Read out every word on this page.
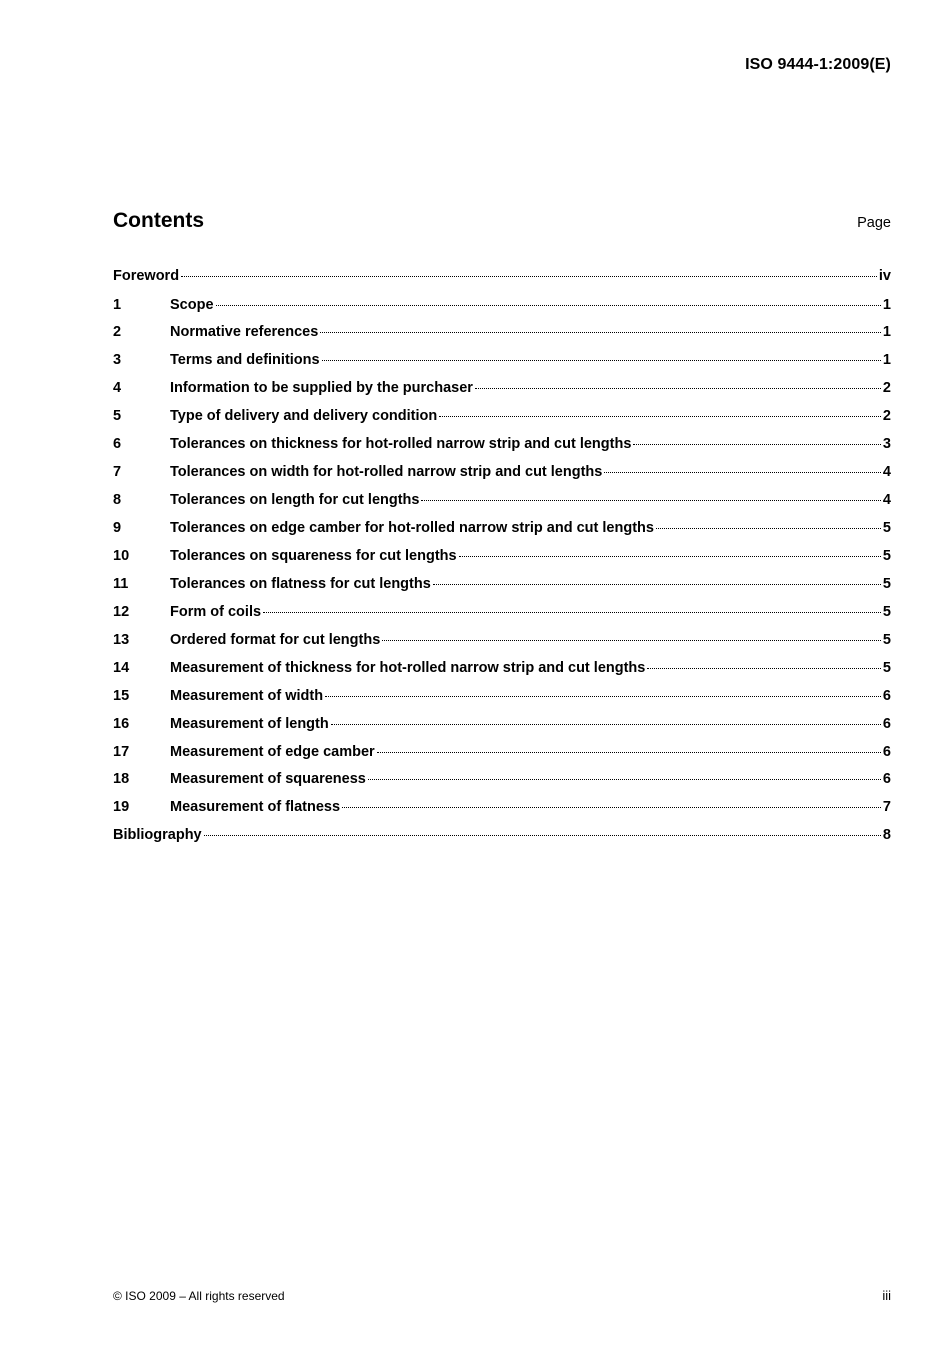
ISO 9444-1:2009(E)
Contents	Page
Foreword	iv
1	Scope	1
2	Normative references	1
3	Terms and definitions	1
4	Information to be supplied by the purchaser	2
5	Type of delivery and delivery condition	2
6	Tolerances on thickness for hot-rolled narrow strip and cut lengths	3
7	Tolerances on width for hot-rolled narrow strip and cut lengths	4
8	Tolerances on length for cut lengths	4
9	Tolerances on edge camber for hot-rolled narrow strip and cut lengths	5
10	Tolerances on squareness for cut lengths	5
11	Tolerances on flatness for cut lengths	5
12	Form of coils	5
13	Ordered format for cut lengths	5
14	Measurement of thickness for hot-rolled narrow strip and cut lengths	5
15	Measurement of width	6
16	Measurement of length	6
17	Measurement of edge camber	6
18	Measurement of squareness	6
19	Measurement of flatness	7
Bibliography	8
© ISO 2009 – All rights reserved	iii
